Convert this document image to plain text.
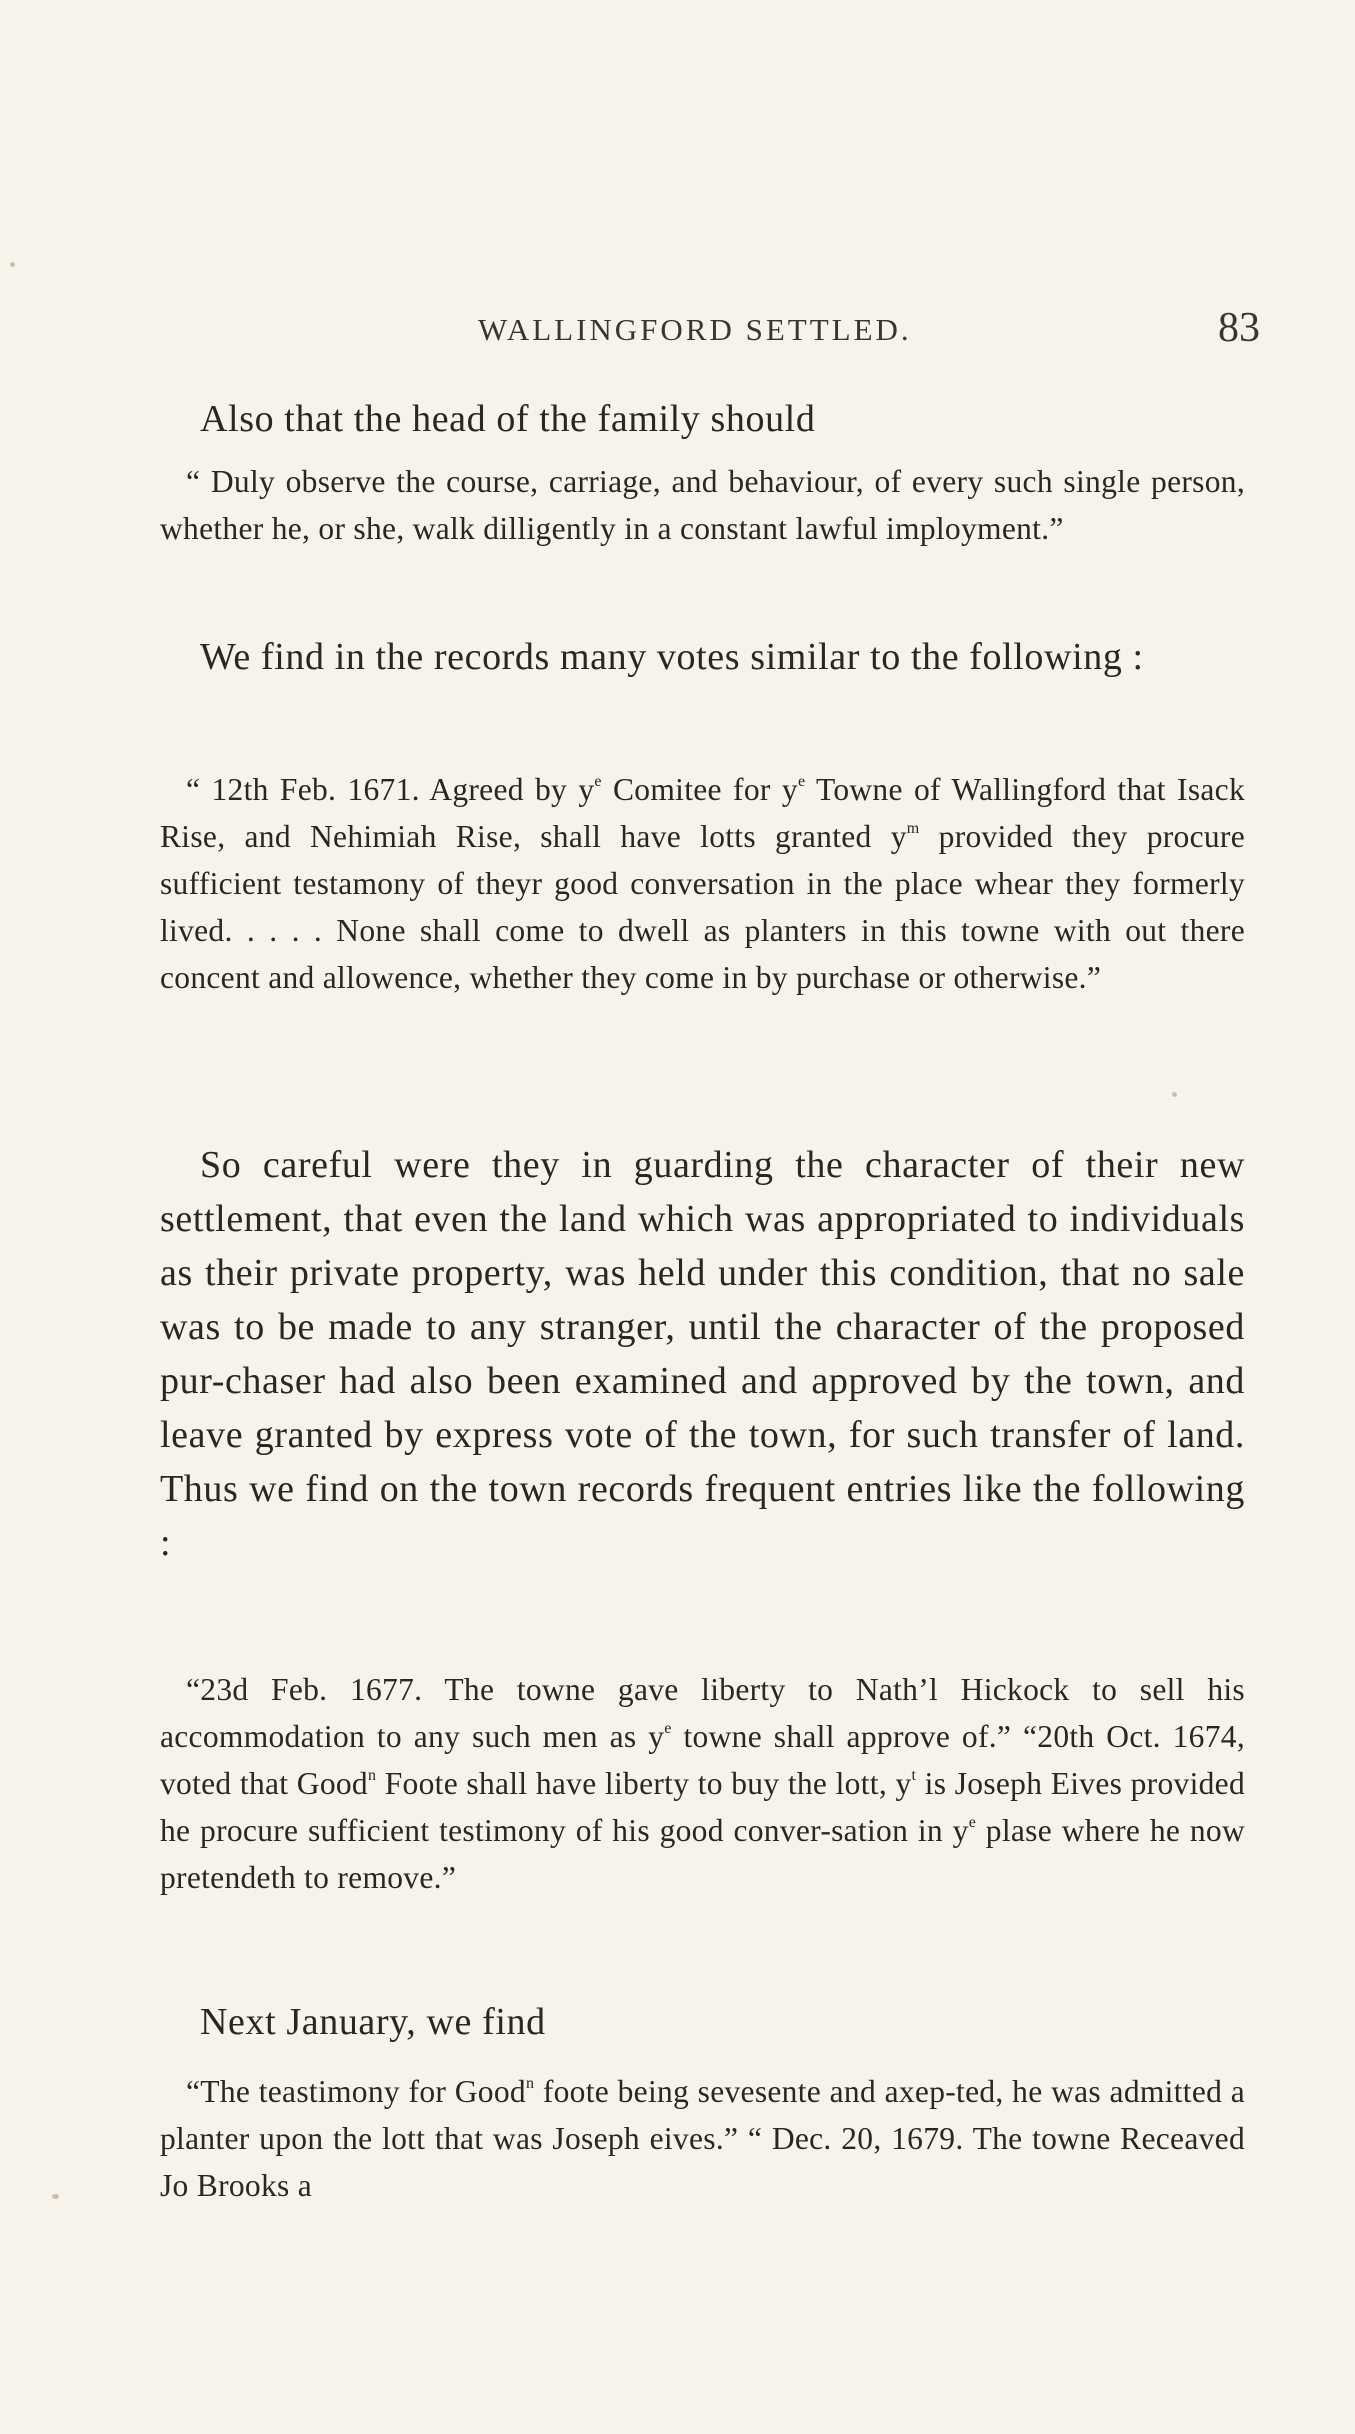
WALLINGFORD SETTLED.	83

Also that the head of the family should

“ Duly observe the course, carriage, and behaviour, of every such single person, whether he, or she, walk dilligently in a constant lawful imployment.”

We find in the records many votes similar to the following :

“ 12th Feb. 1671. Agreed by $y^e$ Comitee for $y^e$ Towne of Wallingford that Isack Rise, and Nehimiah Rise, shall have lotts granted $y^m$ provided they procure sufficient testamony of theyr good conversation in the place whear they formerly lived. . . . . None shall come to dwell as planters in this towne with out there concent and allowence, whether they come in by purchase or otherwise.”

So careful were they in guarding the character of their new settlement, that even the land which was appropriated to individuals as their private property, was held under this condition, that no sale was to be made to any stranger, until the character of the proposed pur-chaser had also been examined and approved by the town, and leave granted by express vote of the town, for such transfer of land. Thus we find on the town records frequent entries like the following :

“23d Feb. 1677. The towne gave liberty to Nath’l Hickock to sell his accommodation to any such men as $y^e$ towne shall approve of.” “20th Oct. 1674, voted that Good$^n$ Foote shall have liberty to buy the lott, $y^t$ is Joseph Eives provided he procure sufficient testimony of his good conver-sation in $y^e$ plase where he now pretendeth to remove.”

Next January, we find

“The teastimony for Good$^n$ foote being sevesente and axep-ted, he was admitted a planter upon the lott that was Joseph eives.” “ Dec. 20, 1679. The towne Receaved Jo Brooks a
